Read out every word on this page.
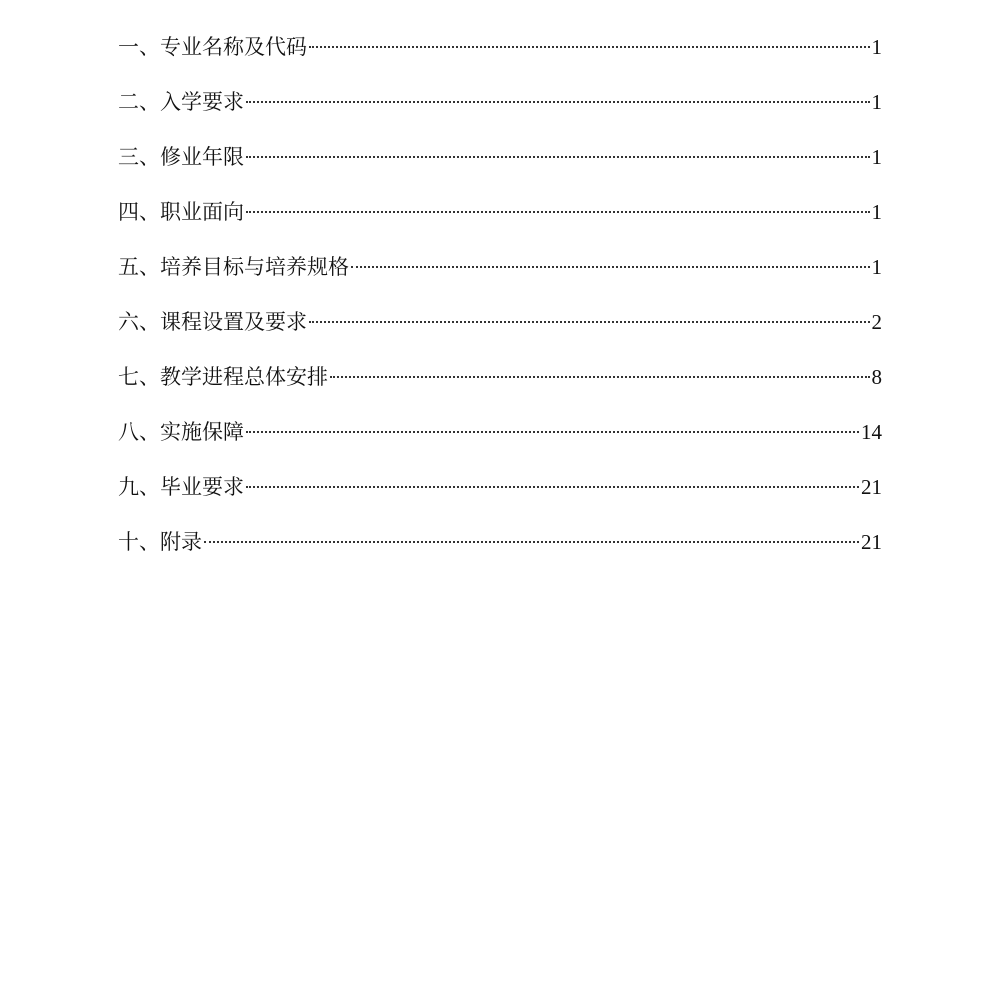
一、 专业名称及代码	1
二、 入学要求	1
三、 修业年限	1
四、 职业面向	1
五、 培养目标与培养规格	1
六、 课程设置及要求	2
七、 教学进程总体安排	8
八、 实施保障	14
九、 毕业要求	21
十、 附录	21
